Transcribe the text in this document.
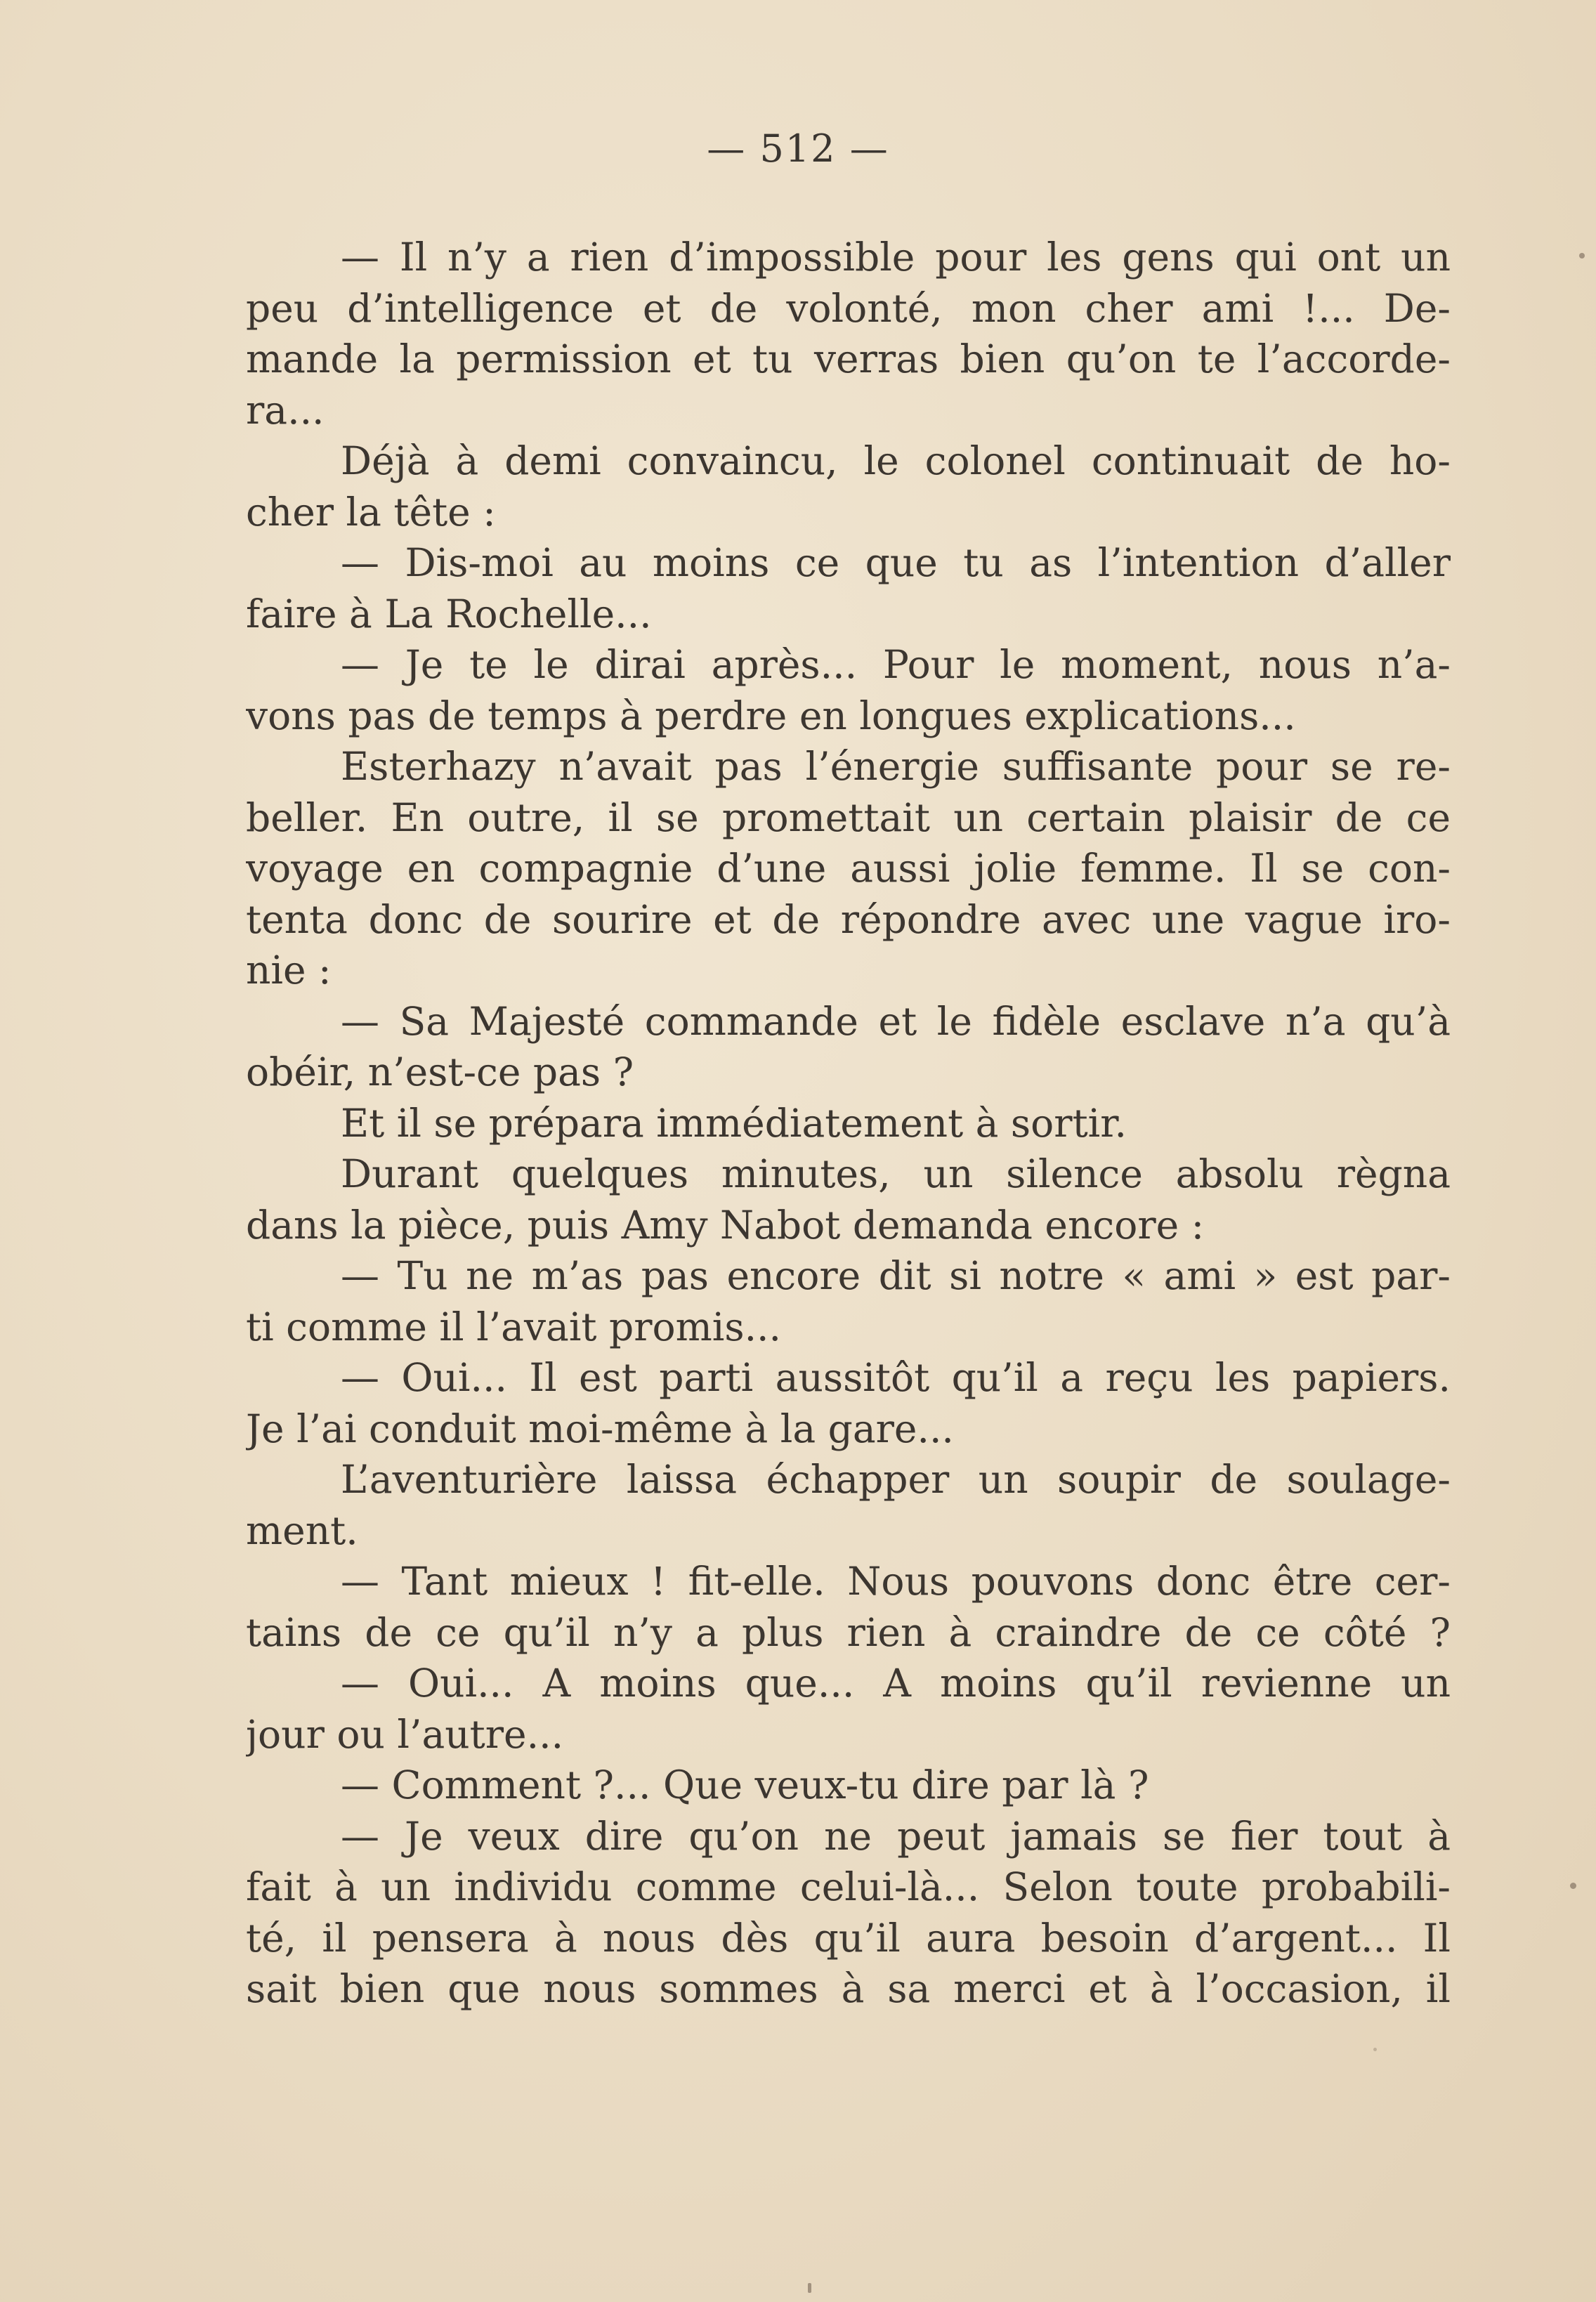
— 512 —
— Il n’y a rien d’impossible pour les gens qui ont un
peu d’intelligence et de volonté, mon cher ami !... De-
mande la permission et tu verras bien qu’on te l’accorde-
ra...
Déjà à demi convaincu, le colonel continuait de ho-
cher la tête :
— Dis-moi au moins ce que tu as l’intention d’aller
faire à La Rochelle...
— Je te le dirai après... Pour le moment, nous n’a-
vons pas de temps à perdre en longues explications...
Esterhazy n’avait pas l’énergie suffisante pour se re-
beller. En outre, il se promettait un certain plaisir de ce
voyage en compagnie d’une aussi jolie femme. Il se con-
tenta donc de sourire et de répondre avec une vague iro-
nie :
— Sa Majesté commande et le fidèle esclave n’a qu’à
obéir, n’est-ce pas ?
Et il se prépara immédiatement à sortir.
Durant quelques minutes, un silence absolu règna
dans la pièce, puis Amy Nabot demanda encore :
— Tu ne m’as pas encore dit si notre « ami » est par-
ti comme il l’avait promis...
— Oui... Il est parti aussitôt qu’il a reçu les papiers.
Je l’ai conduit moi-même à la gare...
L’aventurière laissa échapper un soupir de soulage-
ment.
— Tant mieux ! fit-elle. Nous pouvons donc être cer-
tains de ce qu’il n’y a plus rien à craindre de ce côté ?
— Oui... A moins que... A moins qu’il revienne un
jour ou l’autre...
— Comment ?... Que veux-tu dire par là ?
— Je veux dire qu’on ne peut jamais se fier tout à
fait à un individu comme celui-là... Selon toute probabili-
té, il pensera à nous dès qu’il aura besoin d’argent... Il
sait bien que nous sommes à sa merci et à l’occasion, il
